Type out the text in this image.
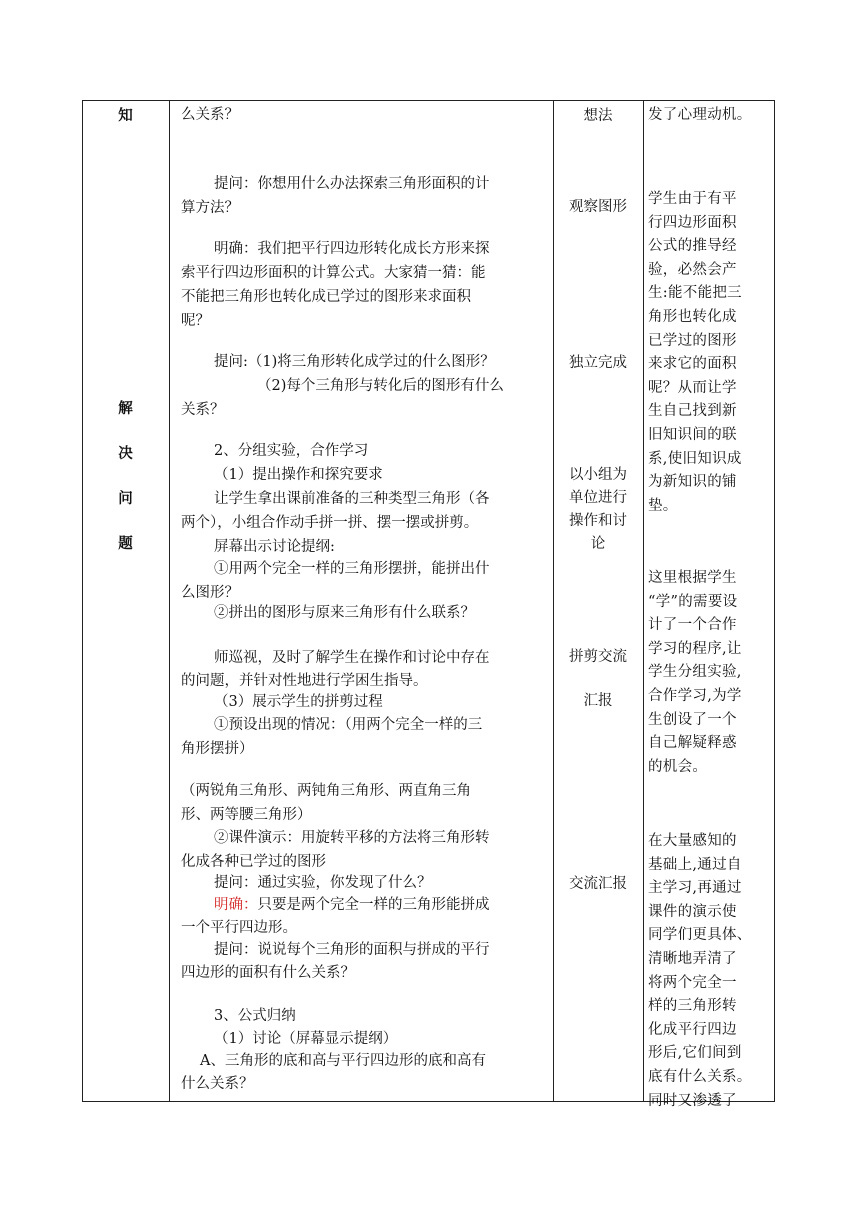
知
解
决
问
题
么关系？
提问：你想用什么办法探索三角形面积的计
算方法？
明确：我们把平行四边形转化成长方形来探
索平行四边形面积的计算公式。大家猜一猜：能
不能把三角形也转化成已学过的图形来求面积
呢？
提问:（1)将三角形转化成学过的什么图形？
（2)每个三角形与转化后的图形有什么
关系？
2、分组实验，合作学习
（1）提出操作和探究要求
让学生拿出课前准备的三种类型三角形（各
两个），小组合作动手拼一拼、摆一摆或拼剪。
屏幕出示讨论提纲:
①用两个完全一样的三角形摆拼，能拼出什
么图形？
②拼出的图形与原来三角形有什么联系？
师巡视，及时了解学生在操作和讨论中存在
的问题，并针对性地进行学困生指导。
（3）展示学生的拼剪过程
①预设出现的情况：（用两个完全一样的三
角形摆拼）
（两锐角三角形、两钝角三角形、两直角三角
形、两等腰三角形）
②课件演示：用旋转平移的方法将三角形转
化成各种已学过的图形
提问：通过实验，你发现了什么？
明确：只要是两个完全一样的三角形能拼成
一个平行四边形。
提问：说说每个三角形的面积与拼成的平行
四边形的面积有什么关系？
3、公式归纳
（1）讨论（屏幕显示提纲）
A、三角形的底和高与平行四边形的底和高有
什么关系？
想法
观察图形
独立完成
以小组为
单位进行
操作和讨
论
拼剪交流
汇报
交流汇报
发了心理动机。
学生由于有平
行四边形面积
公式的推导经
验，必然会产
生:能不能把三
角形也转化成
已学过的图形
来求它的面积
呢？从而让学
生自己找到新
旧知识间的联
系,使旧知识成
为新知识的铺
垫。
这里根据学生
“学”的需要设
计了一个合作
学习的程序,让
学生分组实验,
合作学习,为学
生创设了一个
自己解疑释惑
的机会。
在大量感知的
基础上,通过自
主学习,再通过
课件的演示使
同学们更具体、
清晰地弄清了
将两个完全一
样的三角形转
化成平行四边
形后,它们间到
底有什么关系。
同时又渗透了
